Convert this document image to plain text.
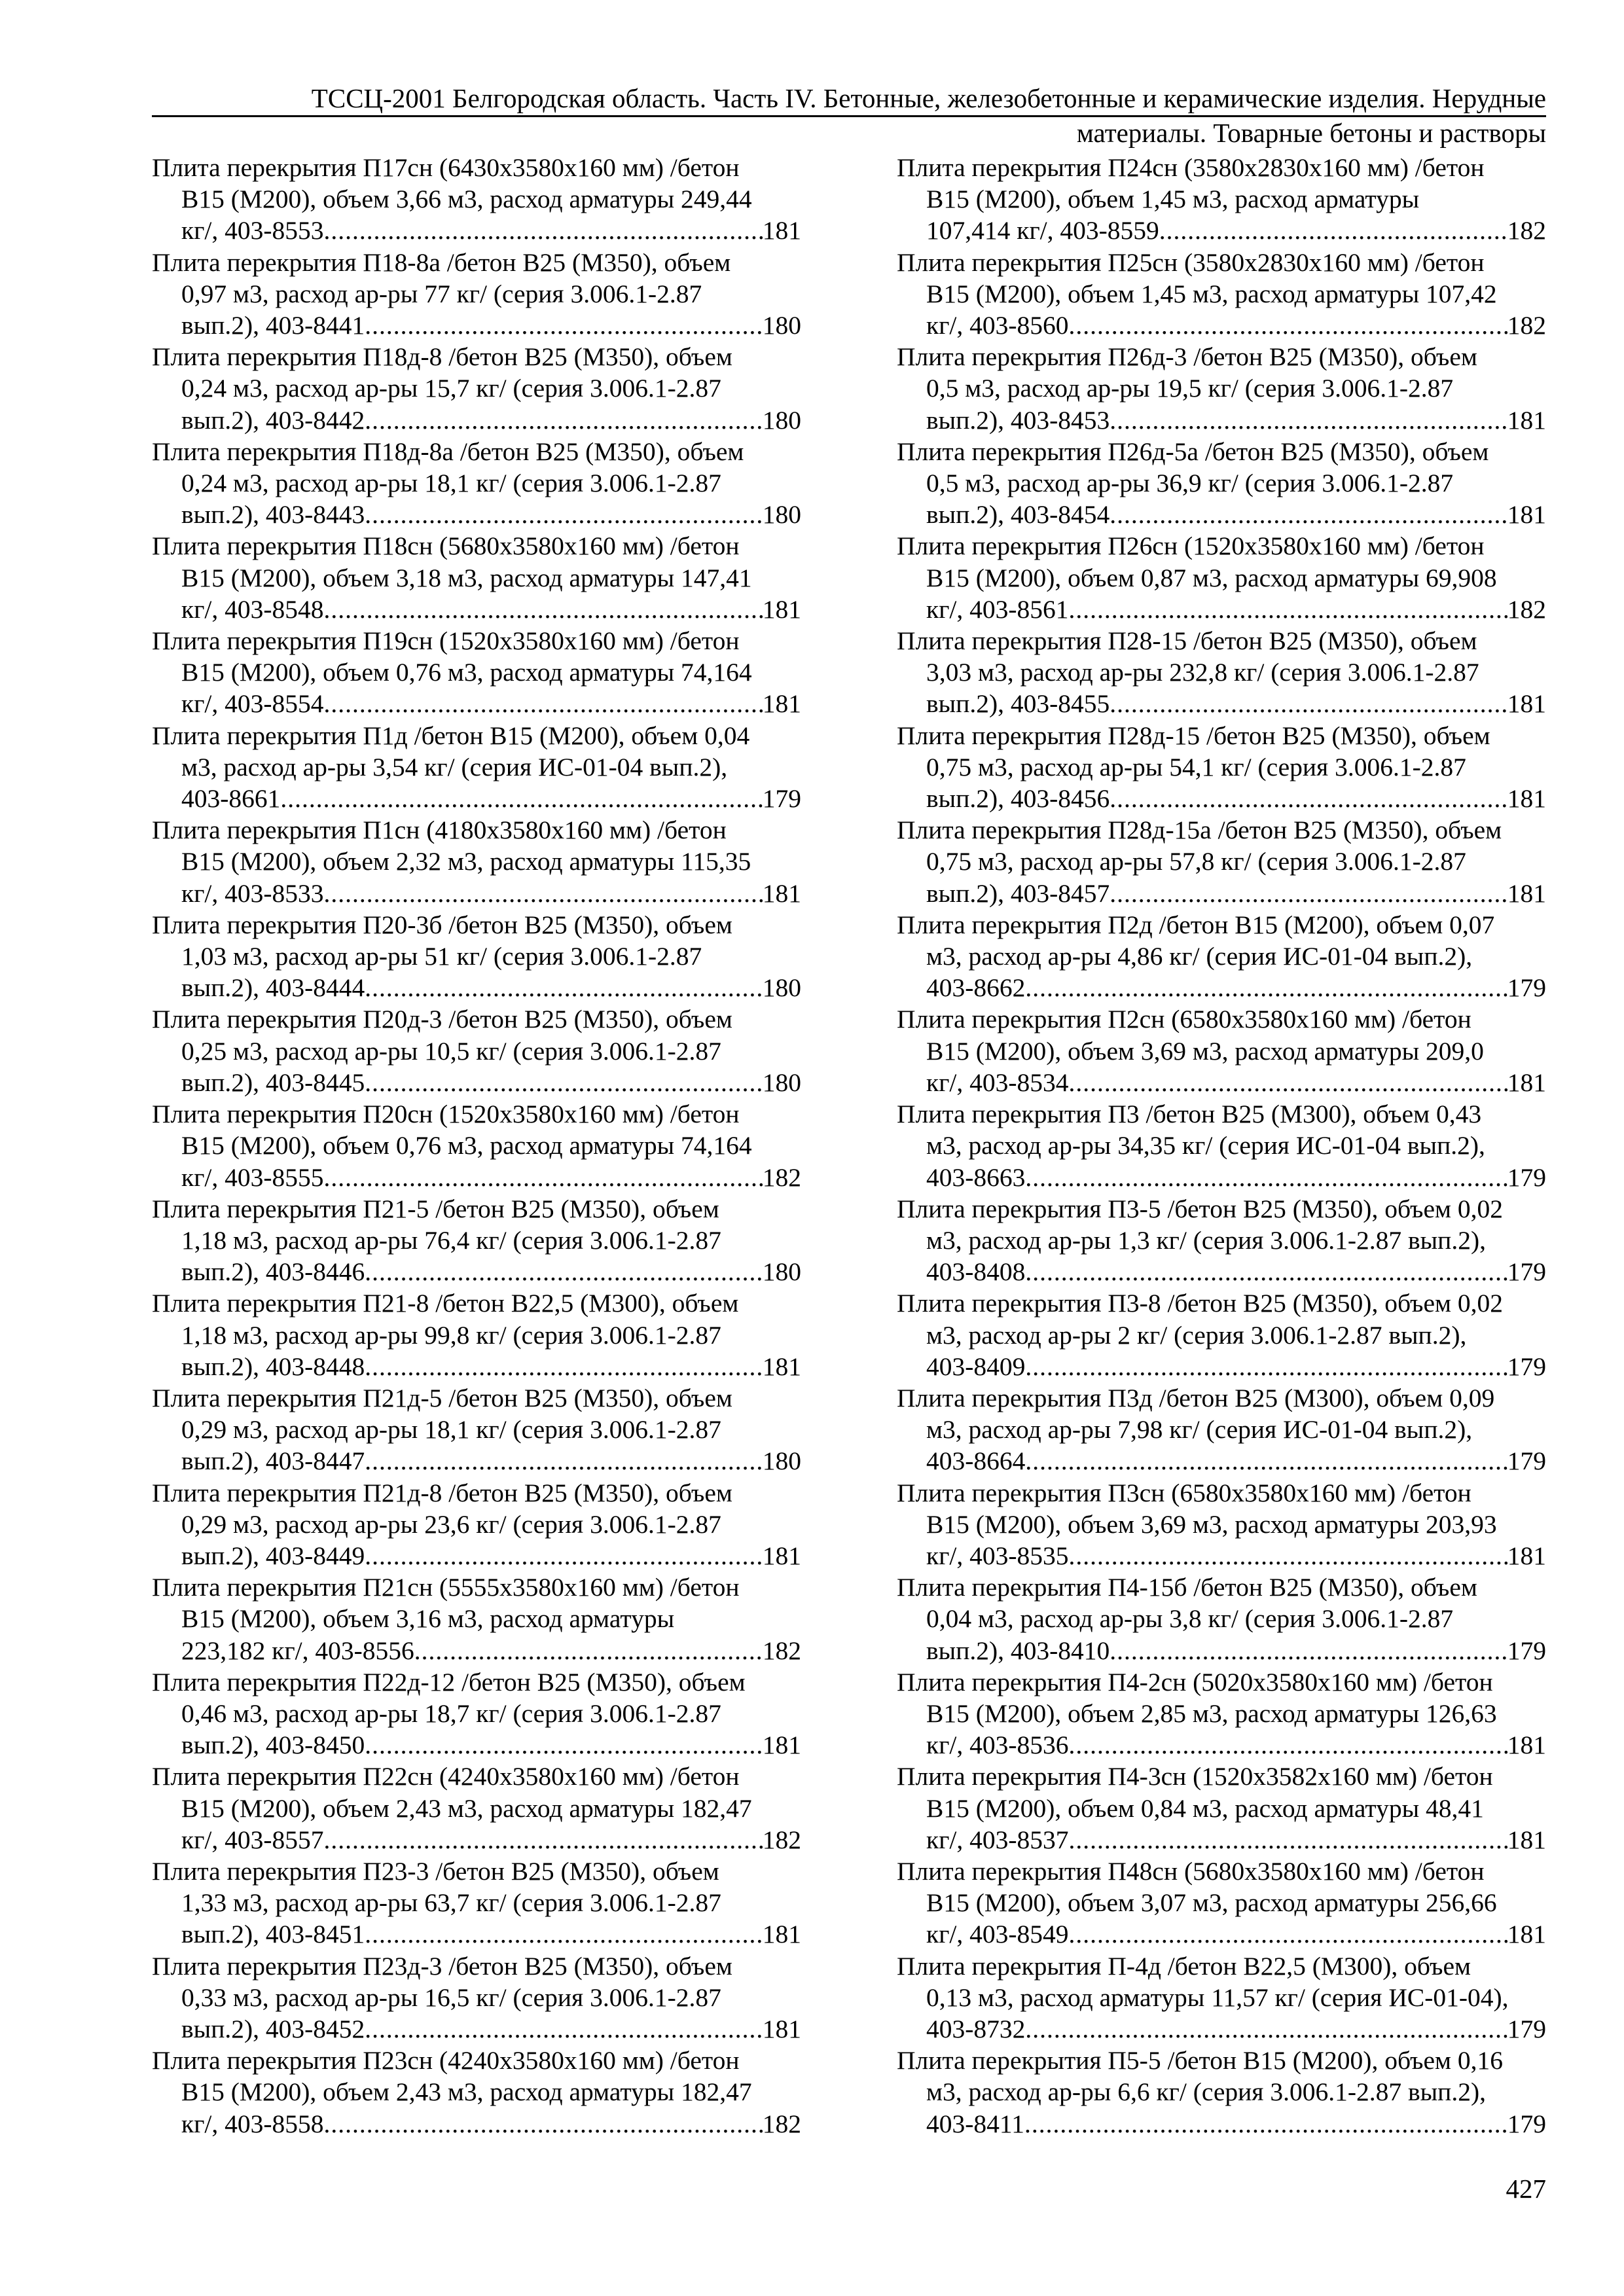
ТССЦ-2001 Белгородская область. Часть IV. Бетонные, железобетонные и керамические изделия. Нерудные
материалы. Товарные бетоны и растворы
Плита перекрытия П17сн (6430х3580х160 мм) /бетон
B15 (M200), объем 3,66 м3, расход арматуры 249,44
кг/, 403-8553 .....	181
Плита перекрытия П18-8а /бетон B25 (M350), объем
0,97 м3, расход ар-ры 77 кг/ (серия 3.006.1-2.87
вып.2), 403-8441 .....	180
Плита перекрытия П18д-8 /бетон B25 (M350), объем
0,24 м3, расход ар-ры 15,7 кг/ (серия 3.006.1-2.87
вып.2), 403-8442 .....	180
Плита перекрытия П18д-8а /бетон B25 (M350), объем
0,24 м3, расход ар-ры 18,1 кг/ (серия 3.006.1-2.87
вып.2), 403-8443 .....	180
Плита перекрытия П18сн (5680х3580х160 мм) /бетон
B15 (M200), объем 3,18 м3, расход арматуры 147,41
кг/, 403-8548 .....	181
Плита перекрытия П19сн (1520х3580х160 мм) /бетон
B15 (M200), объем 0,76 м3, расход арматуры 74,164
кг/, 403-8554 .....	181
Плита перекрытия П1д /бетон B15 (M200), объем 0,04
м3, расход ар-ры 3,54 кг/ (серия ИС-01-04 вып.2),
403-8661 .....	179
Плита перекрытия П1сн (4180х3580х160 мм) /бетон
B15 (M200), объем 2,32 м3, расход арматуры 115,35
кг/, 403-8533 .....	181
Плита перекрытия П20-3б /бетон B25 (M350), объем
1,03 м3, расход ар-ры 51 кг/ (серия 3.006.1-2.87
вып.2), 403-8444 .....	180
Плита перекрытия П20д-3 /бетон B25 (M350), объем
0,25 м3, расход ар-ры 10,5 кг/ (серия 3.006.1-2.87
вып.2), 403-8445 .....	180
Плита перекрытия П20сн (1520х3580х160 мм) /бетон
B15 (M200), объем 0,76 м3, расход арматуры 74,164
кг/, 403-8555 .....	182
Плита перекрытия П21-5 /бетон B25 (M350), объем
1,18 м3, расход ар-ры 76,4 кг/ (серия 3.006.1-2.87
вып.2), 403-8446 .....	180
Плита перекрытия П21-8 /бетон B22,5 (M300), объем
1,18 м3, расход ар-ры 99,8 кг/ (серия 3.006.1-2.87
вып.2), 403-8448 .....	181
Плита перекрытия П21д-5 /бетон B25 (M350), объем
0,29 м3, расход ар-ры 18,1 кг/ (серия 3.006.1-2.87
вып.2), 403-8447 .....	180
Плита перекрытия П21д-8 /бетон B25 (M350), объем
0,29 м3, расход ар-ры 23,6 кг/ (серия 3.006.1-2.87
вып.2), 403-8449 .....	181
Плита перекрытия П21сн (5555х3580х160 мм) /бетон
B15 (M200), объем 3,16 м3, расход арматуры
223,182 кг/, 403-8556 .....	182
Плита перекрытия П22д-12 /бетон B25 (M350), объем
0,46 м3, расход ар-ры 18,7 кг/ (серия 3.006.1-2.87
вып.2), 403-8450 .....	181
Плита перекрытия П22сн (4240х3580х160 мм) /бетон
B15 (M200), объем 2,43 м3, расход арматуры 182,47
кг/, 403-8557 .....	182
Плита перекрытия П23-3 /бетон B25 (M350), объем
1,33 м3, расход ар-ры 63,7 кг/ (серия 3.006.1-2.87
вып.2), 403-8451 .....	181
Плита перекрытия П23д-3 /бетон B25 (M350), объем
0,33 м3, расход ар-ры 16,5 кг/ (серия 3.006.1-2.87
вып.2), 403-8452 .....	181
Плита перекрытия П23сн (4240х3580х160 мм) /бетон
B15 (M200), объем 2,43 м3, расход арматуры 182,47
кг/, 403-8558 .....	182
Плита перекрытия П24сн (3580х2830х160 мм) /бетон
B15 (M200), объем 1,45 м3, расход арматуры
107,414 кг/, 403-8559 .....	182
Плита перекрытия П25сн (3580х2830х160 мм) /бетон
B15 (M200), объем 1,45 м3, расход арматуры 107,42
кг/, 403-8560 .....	182
Плита перекрытия П26д-3 /бетон B25 (M350), объем
0,5 м3, расход ар-ры 19,5 кг/ (серия 3.006.1-2.87
вып.2), 403-8453 .....	181
Плита перекрытия П26д-5а /бетон B25 (M350), объем
0,5 м3, расход ар-ры 36,9 кг/ (серия 3.006.1-2.87
вып.2), 403-8454 .....	181
Плита перекрытия П26сн (1520х3580х160 мм) /бетон
B15 (M200), объем 0,87 м3, расход арматуры 69,908
кг/, 403-8561 .....	182
Плита перекрытия П28-15 /бетон B25 (M350), объем
3,03 м3, расход ар-ры 232,8 кг/ (серия 3.006.1-2.87
вып.2), 403-8455 .....	181
Плита перекрытия П28д-15 /бетон B25 (M350), объем
0,75 м3, расход ар-ры 54,1 кг/ (серия 3.006.1-2.87
вып.2), 403-8456 .....	181
Плита перекрытия П28д-15а /бетон B25 (M350), объем
0,75 м3, расход ар-ры 57,8 кг/ (серия 3.006.1-2.87
вып.2), 403-8457 .....	181
Плита перекрытия П2д /бетон B15 (M200), объем 0,07
м3, расход ар-ры 4,86 кг/ (серия ИС-01-04 вып.2),
403-8662 .....	179
Плита перекрытия П2сн (6580х3580х160 мм) /бетон
B15 (M200), объем 3,69 м3, расход арматуры 209,0
кг/, 403-8534 .....	181
Плита перекрытия П3 /бетон B25 (M300), объем 0,43
м3, расход ар-ры 34,35 кг/ (серия ИС-01-04 вып.2),
403-8663 .....	179
Плита перекрытия П3-5 /бетон B25 (M350), объем 0,02
м3, расход ар-ры 1,3 кг/ (серия 3.006.1-2.87 вып.2),
403-8408 .....	179
Плита перекрытия П3-8 /бетон B25 (M350), объем 0,02
м3, расход ар-ры 2 кг/ (серия 3.006.1-2.87 вып.2),
403-8409 .....	179
Плита перекрытия П3д /бетон B25 (M300), объем 0,09
м3, расход ар-ры 7,98 кг/ (серия ИС-01-04 вып.2),
403-8664 .....	179
Плита перекрытия П3сн (6580х3580х160 мм) /бетон
B15 (M200), объем 3,69 м3, расход арматуры 203,93
кг/, 403-8535 .....	181
Плита перекрытия П4-15б /бетон B25 (M350), объем
0,04 м3, расход ар-ры 3,8 кг/ (серия 3.006.1-2.87
вып.2), 403-8410 .....	179
Плита перекрытия П4-2сн (5020х3580х160 мм) /бетон
B15 (M200), объем 2,85 м3, расход арматуры 126,63
кг/, 403-8536 .....	181
Плита перекрытия П4-3сн (1520х3582х160 мм) /бетон
B15 (M200), объем 0,84 м3, расход арматуры 48,41
кг/, 403-8537 .....	181
Плита перекрытия П48сн (5680х3580х160 мм) /бетон
B15 (M200), объем 3,07 м3, расход арматуры 256,66
кг/, 403-8549 .....	181
Плита перекрытия П-4д /бетон B22,5 (M300), объем
0,13 м3, расход арматуры 11,57 кг/ (серия ИС-01-04),
403-8732 .....	179
Плита перекрытия П5-5 /бетон B15 (M200), объем 0,16
м3, расход ар-ры 6,6 кг/ (серия 3.006.1-2.87 вып.2),
403-8411 .....	179
427
